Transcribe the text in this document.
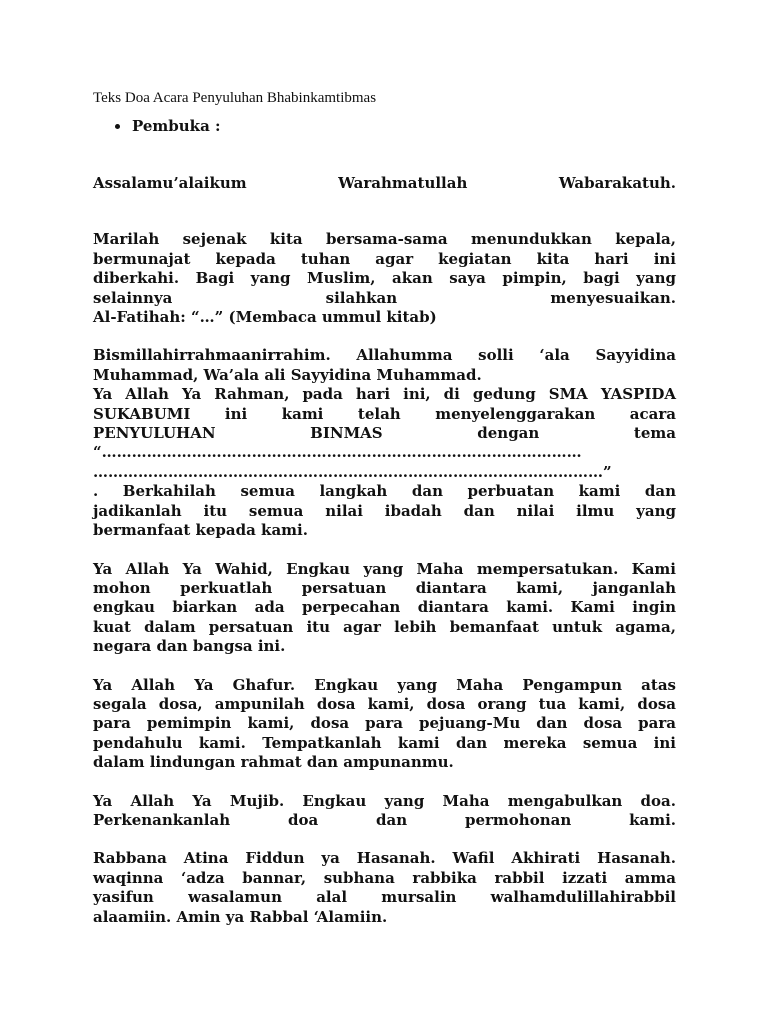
Teks Doa Acara Penyuluhan Bhabinkamtibmas
Pembuka :
Assalamu’alaikum Warahmatullah Wabarakatuh.
Marilah sejenak kita bersama-sama menundukkan kepala,
bermunajat kepada tuhan agar kegiatan kita hari ini
diberkahi. Bagi yang Muslim, akan saya pimpin, bagi yang
selainnya silahkan menyesuaikan.
Al-Fatihah: “…” (Membaca ummul kitab)
Bismillahirrahmaanirrahim. Allahumma solli ‘ala Sayyidina
Muhammad, Wa’ala ali Sayyidina Muhammad.
Ya Allah Ya Rahman, pada hari ini, di gedung SMA YASPIDA
SUKABUMI ini kami telah menyelenggarakan acara
PENYULUHAN BINMAS dengan tema
“……………………………………………………………………………………
…………………………………………………………………………………………”
. Berkahilah semua langkah dan perbuatan kami dan
jadikanlah itu semua nilai ibadah dan nilai ilmu yang
bermanfaat kepada kami.
Ya Allah Ya Wahid, Engkau yang Maha mempersatukan. Kami
mohon perkuatlah persatuan diantara kami, janganlah
engkau biarkan ada perpecahan diantara kami. Kami ingin
kuat dalam persatuan itu agar lebih bemanfaat untuk agama,
negara dan bangsa ini.
Ya Allah Ya Ghafur. Engkau yang Maha Pengampun atas
segala dosa, ampunilah dosa kami, dosa orang tua kami, dosa
para pemimpin kami, dosa para pejuang-Mu dan dosa para
pendahulu kami. Tempatkanlah kami dan mereka semua ini
dalam lindungan rahmat dan ampunanmu.
Ya Allah Ya Mujib. Engkau yang Maha mengabulkan doa.
Perkenankanlah doa dan permohonan kami.
Rabbana Atina Fiddun ya Hasanah. Wafil Akhirati Hasanah.
waqinna ‘adza bannar, subhana rabbika rabbil izzati amma
yasifun wasalamun alal mursalin walhamdulillahirabbil
alaamiin. Amin ya Rabbal ‘Alamiin.
